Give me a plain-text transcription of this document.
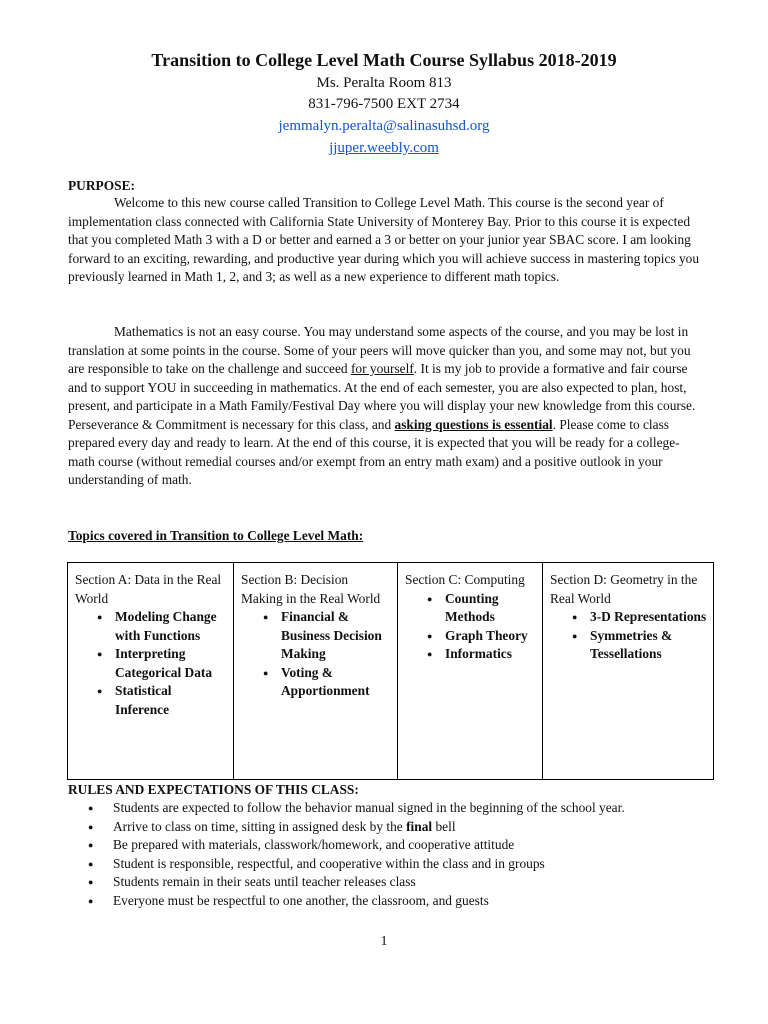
Transition to College Level Math Course Syllabus 2018-2019
Ms. Peralta Room 813
831-796-7500 EXT 2734
jemmalyn.peralta@salinasuhsd.org
jjuper.weebly.com
PURPOSE:
Welcome to this new course called Transition to College Level Math. This course is the second year of implementation class connected with California State University of Monterey Bay. Prior to this course it is expected that you completed Math 3 with a D or better and earned a 3 or better on your junior year SBAC score. I am looking forward to an exciting, rewarding, and productive year during which you will achieve success in mastering topics you previously learned in Math 1, 2, and 3; as well as a new experience to different math topics.
Mathematics is not an easy course. You may understand some aspects of the course, and you may be lost in translation at some points in the course. Some of your peers will move quicker than you, and some may not, but you are responsible to take on the challenge and succeed for yourself. It is my job to provide a formative and fair course and to support YOU in succeeding in mathematics. At the end of each semester, you are also expected to plan, host, present, and participate in a Math Family/Festival Day where you will display your new knowledge from this course. Perseverance & Commitment is necessary for this class, and asking questions is essential. Please come to class prepared every day and ready to learn. At the end of this course, it is expected that you will be ready for a college-math course (without remedial courses and/or exempt from an entry math exam) and a positive outlook in your understanding of math.
Topics covered in Transition to College Level Math:
Section A: Data in the Real World
● Modeling Change with Functions
● Interpreting Categorical Data
● Statistical Inference

Section B: Decision Making in the Real World
● Financial & Business Decision Making
● Voting & Apportionment

Section C: Computing
● Counting Methods
● Graph Theory
● Informatics

Section D: Geometry in the Real World
● 3-D Representations
● Symmetries & Tessellations
RULES AND EXPECTATIONS OF THIS CLASS:
● Students are expected to follow the behavior manual signed in the beginning of the school year.
● Arrive to class on time, sitting in assigned desk by the final bell
● Be prepared with materials, classwork/homework, and cooperative attitude
● Student is responsible, respectful, and cooperative within the class and in groups
● Students remain in their seats until teacher releases class
● Everyone must be respectful to one another, the classroom, and guests
1
